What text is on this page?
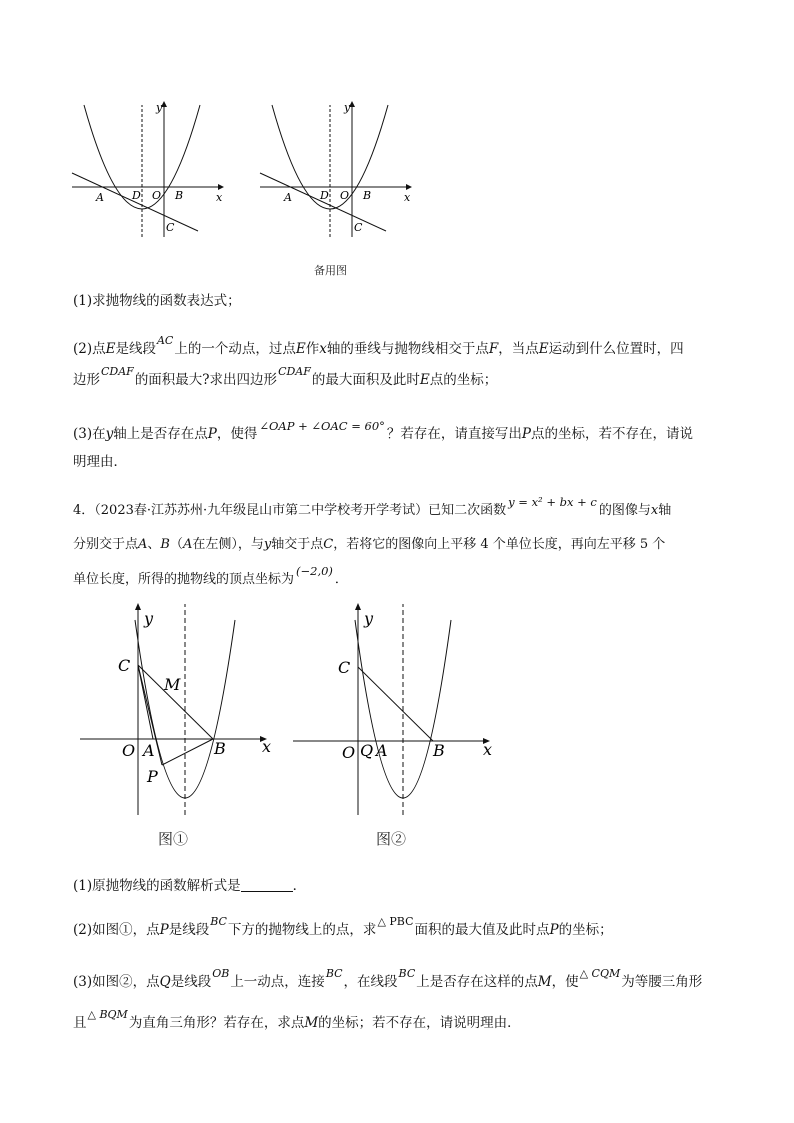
y
x
A	D O B
C
y
x
A	D O B
C
备用图
(1)求抛物线的函数表达式；
(2)点E是线段$^{AC}$上的一个动点，过点E作x轴的垂线与抛物线相交于点F，当点E运动到什么位置时，四
边形$^{CDAF}$的面积最大?求出四边形$^{CDAF}$的最大面积及此时E点的坐标；
(3)在y轴上是否存在点P，使得 ∠OAP + ∠OAC = 60° ？若存在，请直接写出P点的坐标，若不存在，请说
明理由．
4．（2023春·江苏苏州·九年级昆山市第二中学校考开学考试）已知二次函数y = x² + bx + c的图像与x轴
分别交于点A、B（A在左侧），与y轴交于点C，若将它的图像向上平移 4 个单位长度，再向左平移 5 个
单位长度，所得的抛物线的顶点坐标为(−2,0)．
y
x
C
M
O A	B
P
图①
y
x
C
O Q A	B
图②
(1)原抛物线的函数解析式是	．
(2)如图①，点P是线段$^{BC}$下方的抛物线上的点，求$^{\triangle PBC}$面积的最大值及此时点P的坐标；
(3)如图②，点Q是线段$^{OB}$上一动点，连接$^{BC}$，在线段$^{BC}$上是否存在这样的点M，使$^{\triangle CQM}$为等腰三角形
且$^{\triangle BQM}$为直角三角形？若存在，求点M的坐标；若不存在，请说明理由．
